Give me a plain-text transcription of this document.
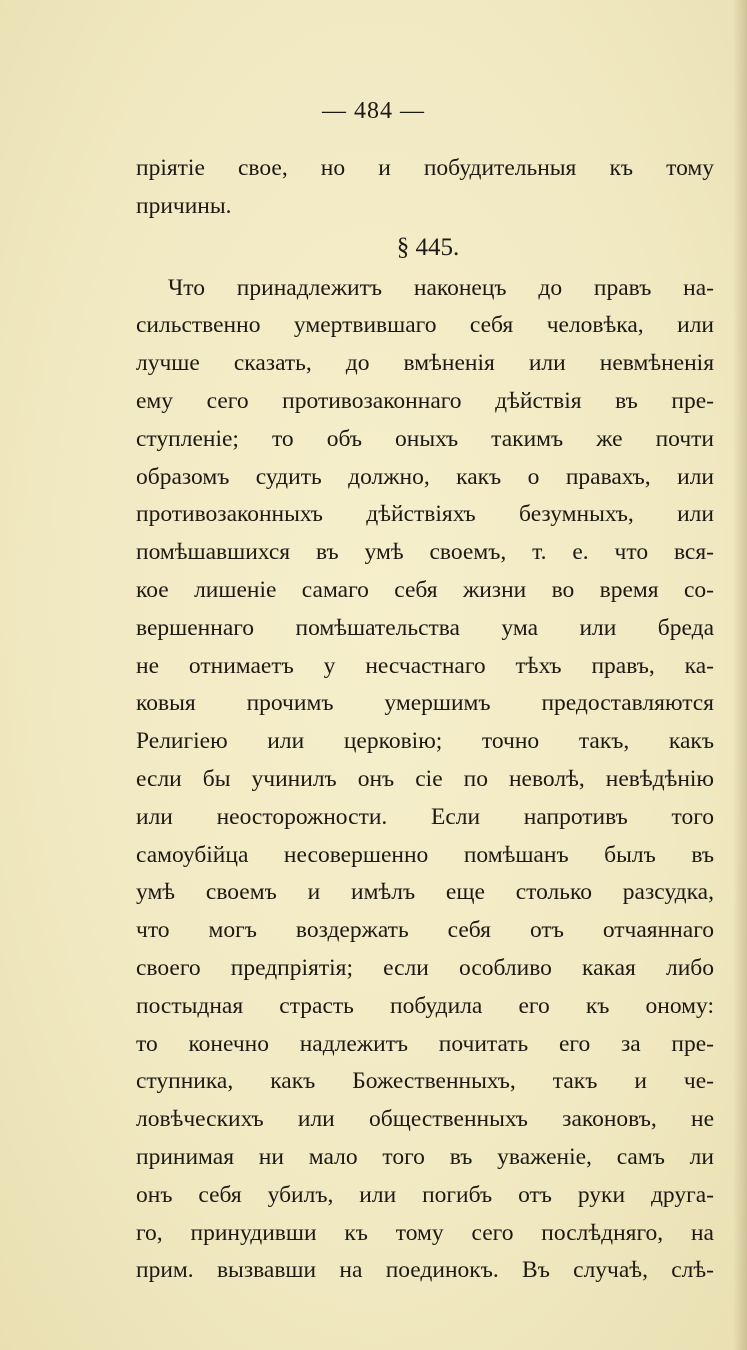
— 484 —
пріятіе свое, но и побудительныя къ тому
причины.
§ 445.
Что принадлежитъ наконецъ до правъ на-
сильственно умертвившаго себя человѣка, или
лучше сказать, до вмѣненія или невмѣненія
ему сего противозаконнаго дѣйствія въ пре-
ступленіе; то объ оныхъ такимъ же почти
образомъ судить должно, какъ о правахъ, или
противозаконныхъ дѣйствіяхъ безумныхъ, или
помѣшавшихся въ умѣ своемъ, т. е. что вся-
кое лишеніе самаго себя жизни во время со-
вершеннаго помѣшательства ума или бреда
не отнимаетъ у несчастнаго тѣхъ правъ, ка-
ковыя прочимъ умершимъ предоставляются
Религіею или церковію; точно такъ, какъ
если бы учинилъ онъ сіе по неволѣ, невѣдѣнію
или неосторожности. Если напротивъ того
самоубійца несовершенно помѣшанъ былъ въ
умѣ своемъ и имѣлъ еще столько разсудка,
что могъ воздержать себя отъ отчаяннаго
своего предпріятія; если особливо какая либо
постыдная страсть побудила его къ оному:
то конечно надлежитъ почитать его за пре-
ступника, какъ Божественныхъ, такъ и че-
ловѣческихъ или общественныхъ законовъ, не
принимая ни мало того въ уваженіе, самъ ли
онъ себя убилъ, или погибъ отъ руки друга-
го, принудивши къ тому сего послѣдняго, на
прим. вызвавши на поединокъ. Въ случаѣ, слѣ-
